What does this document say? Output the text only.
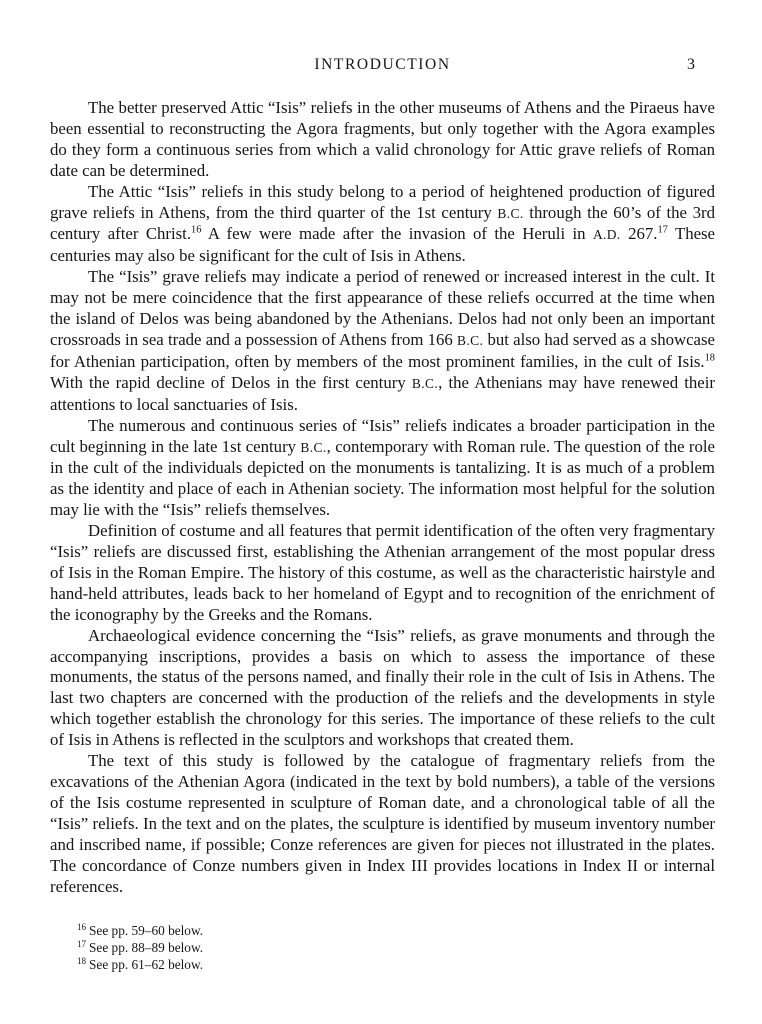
INTRODUCTION	3

The better preserved Attic “Isis” reliefs in the other museums of Athens and the Piraeus have been essential to reconstructing the Agora fragments, but only together with the Agora examples do they form a continuous series from which a valid chronology for Attic grave reliefs of Roman date can be determined.

The Attic “Isis” reliefs in this study belong to a period of heightened production of figured grave reliefs in Athens, from the third quarter of the 1st century B.C. through the 60’s of the 3rd century after Christ.$^{16}$ A few were made after the invasion of the Heruli in A.D. 267.17 These centuries may also be significant for the cult of Isis in Athens.

The “Isis” grave reliefs may indicate a period of renewed or increased interest in the cult. It may not be mere coincidence that the first appearance of these reliefs occurred at the time when the island of Delos was being abandoned by the Athenians. Delos had not only been an important crossroads in sea trade and a possession of Athens from 166 B.C. but also had served as a showcase for Athenian participation, often by members of the most prominent families, in the cult of Isis.$^{18}$ With the rapid decline of Delos in the first century B.C., the Athenians may have renewed their attentions to local sanctuaries of Isis.

The numerous and continuous series of “Isis” reliefs indicates a broader participation in the cult beginning in the late 1st century B.C., contemporary with Roman rule. The question of the role in the cult of the individuals depicted on the monuments is tantalizing. It is as much of a problem as the identity and place of each in Athenian society. The information most helpful for the solution may lie with the “Isis” reliefs themselves.

Definition of costume and all features that permit identification of the often very fragmentary “Isis” reliefs are discussed first, establishing the Athenian arrangement of the most popular dress of Isis in the Roman Empire. The history of this costume, as well as the characteristic hairstyle and hand-held attributes, leads back to her homeland of Egypt and to recognition of the enrichment of the iconography by the Greeks and the Romans.

Archaeological evidence concerning the “Isis” reliefs, as grave monuments and through the accompanying inscriptions, provides a basis on which to assess the importance of these monuments, the status of the persons named, and finally their role in the cult of Isis in Athens. The last two chapters are concerned with the production of the reliefs and the developments in style which together establish the chronology for this series. The importance of these reliefs to the cult of Isis in Athens is reflected in the sculptors and workshops that created them.

The text of this study is followed by the catalogue of fragmentary reliefs from the excavations of the Athenian Agora (indicated in the text by bold numbers), a table of the versions of the Isis costume represented in sculpture of Roman date, and a chronological table of all the “Isis” reliefs. In the text and on the plates, the sculpture is identified by museum inventory number and inscribed name, if possible; Conze references are given for pieces not illustrated in the plates. The concordance of Conze numbers given in Index III provides locations in Index II or internal references.

$^{16}$ See pp. 59–60 below.

$^{17}$ See pp. 88–89 below.

$^{18}$ See pp. 61–62 below.
